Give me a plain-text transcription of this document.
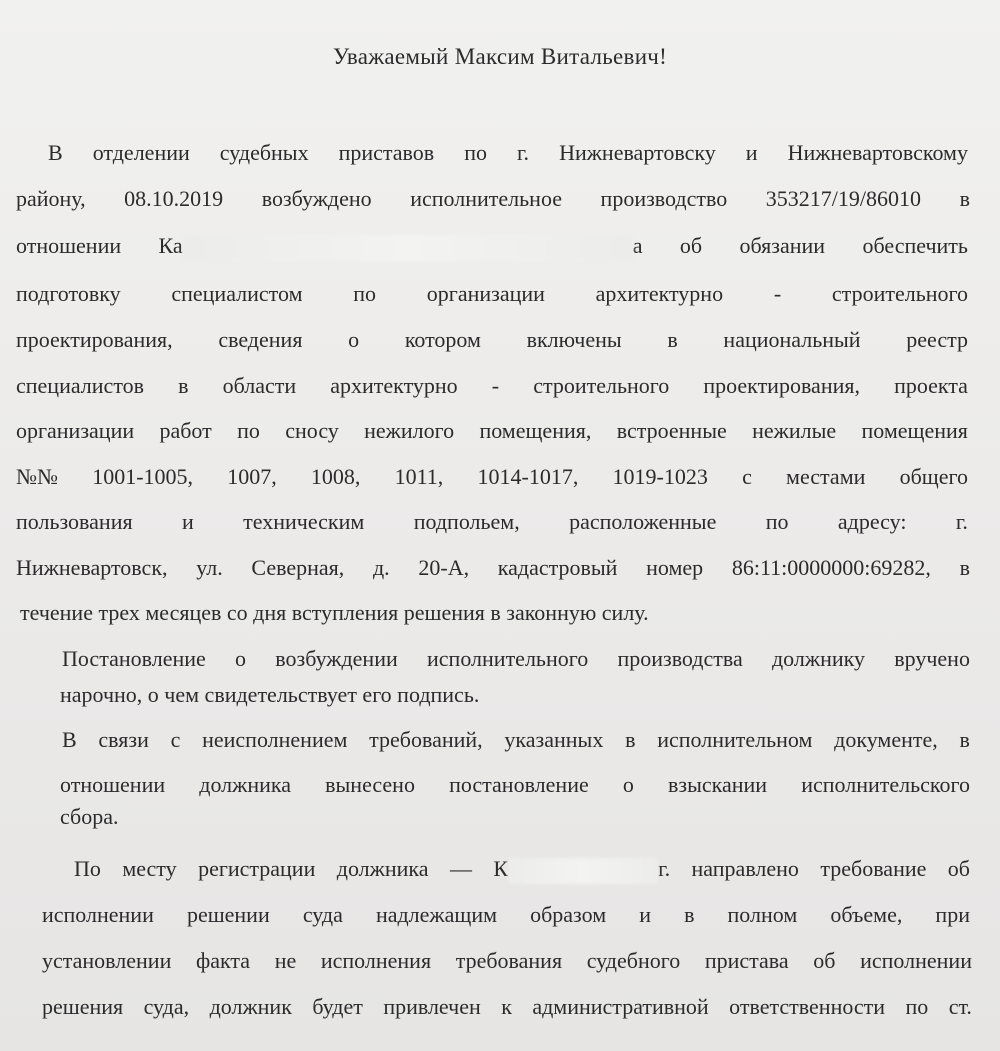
Уважаемый Максим Витальевич!
В отделении судебных приставов по г. Нижневартовску и Нижневартовскому
району, 08.10.2019 возбуждено исполнительное производство 353217/19/86010 в
отношении Ка	а об обязании обеспечить
подготовку специалистом по организации архитектурно - строительного
проектирования, сведения о котором включены в национальный реестр
специалистов в области архитектурно - строительного проектирования, проекта
организации работ по сносу нежилого помещения, встроенные нежилые помещения
№№ 1001-1005, 1007, 1008, 1011, 1014-1017, 1019-1023 с местами общего
пользования и техническим подпольем, расположенные по адресу: г.
Нижневартовск, ул. Северная, д. 20-А, кадастровый номер 86:11:0000000:69282, в
течение трех месяцев со дня вступления решения в законную силу.
Постановление о возбуждении исполнительного производства должнику вручено
нарочно, о чем свидетельствует его подпись.
В связи с неисполнением требований, указанных в исполнительном документе, в
отношении должника вынесено постановление о взыскании исполнительского
сбора.
По месту регистрации должника — К	г. направлено требование об
исполнении решении суда надлежащим образом и в полном объеме, при
установлении факта не исполнения требования судебного пристава об исполнении
решения суда, должник будет привлечен к административной ответственности по ст.
